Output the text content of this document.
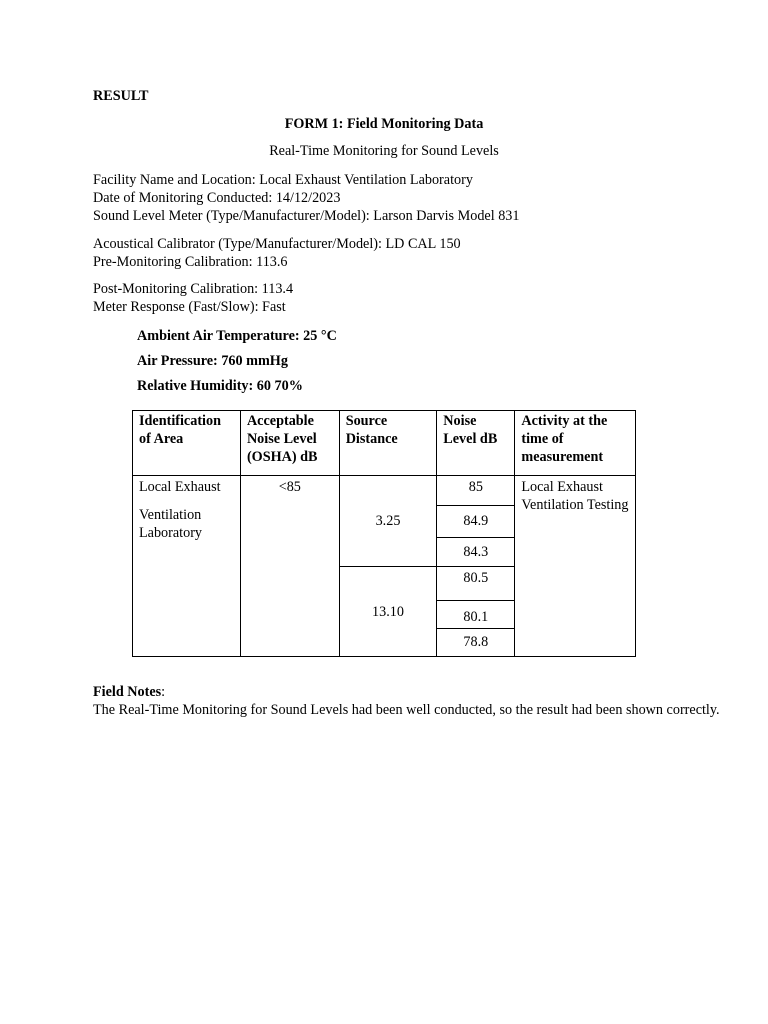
RESULT
FORM 1: Field Monitoring Data
Real-Time Monitoring for Sound Levels
Facility Name and Location: Local Exhaust Ventilation Laboratory
Date of Monitoring Conducted: 14/12/2023
Sound Level Meter (Type/Manufacturer/Model): Larson Darvis Model 831
Acoustical Calibrator (Type/Manufacturer/Model): LD CAL 150
Pre-Monitoring Calibration: 113.6
Post-Monitoring Calibration: 113.4
Meter Response (Fast/Slow): Fast
Ambient Air Temperature: 25 °C
Air Pressure: 760 mmHg
Relative Humidity: 60 70%
Identification of Area	Acceptable Noise Level (OSHA) dB	Source Distance	Noise Level dB	Activity at the time of measurement

Local Exhaust
Ventilation Laboratory	<85	3.25	85	Local Exhaust Ventilation Testing
			84.9	
			84.3	
		13.10	80.5	
			80.1	
			78.8	
Field Notes:
The Real-Time Monitoring for Sound Levels had been well conducted, so the result had been shown correctly.
